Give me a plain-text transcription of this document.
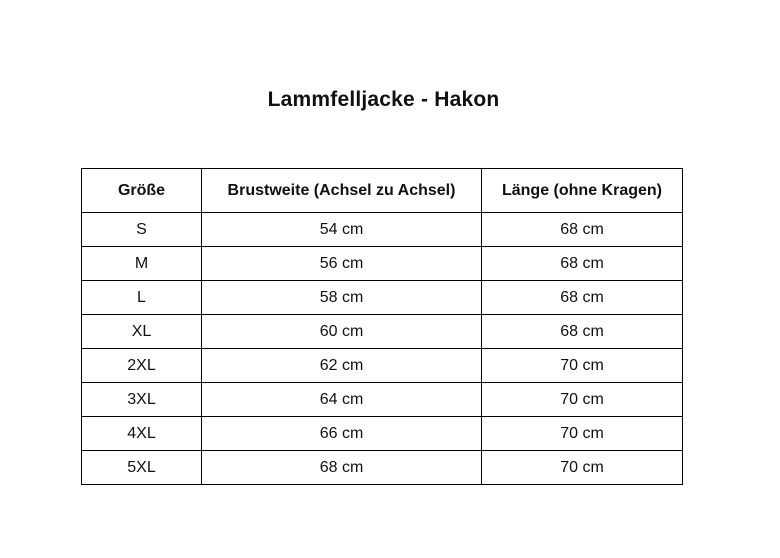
Lammfelljacke - Hakon
Größe	Brustweite (Achsel zu Achsel)	Länge (ohne Kragen)
S	54 cm	68 cm
M	56 cm	68 cm
L	58 cm	68 cm
XL	60 cm	68 cm
2XL	62 cm	70 cm
3XL	64 cm	70 cm
4XL	66 cm	70 cm
5XL	68 cm	70 cm
